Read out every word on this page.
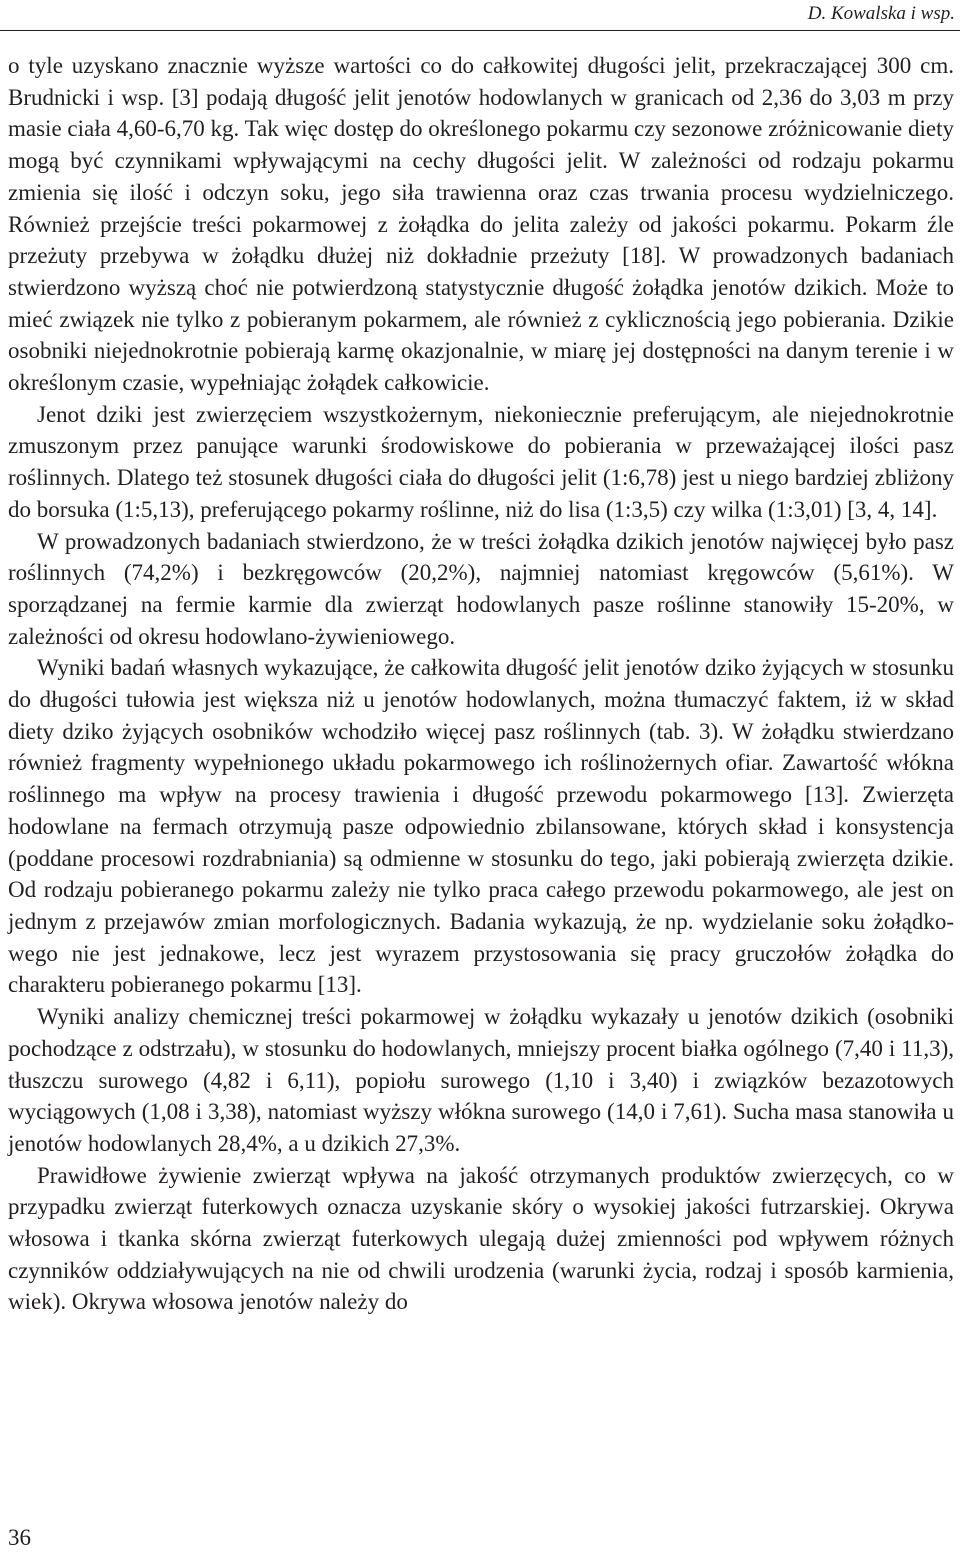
D. Kowalska i wsp.

o tyle uzyskano znacznie wyższe wartości co do całkowitej długości jelit, przekraczającej 300 cm. Brudnicki i wsp. [3] podają długość jelit jenotów hodowlanych w granicach od 2,36 do 3,03 m przy masie ciała 4,60-6,70 kg. Tak więc dostęp do określonego pokarmu czy sezonowe zróżnicowanie diety mogą być czynnikami wpływającymi na cechy długości jelit. W zależności od rodzaju pokarmu zmienia się ilość i odczyn soku, jego siła trawienna oraz czas trwania procesu wydzielniczego. Również przejście treści pokarmowej z żołądka do jelita zależy od jakości pokarmu. Pokarm źle przeżuty przebywa w żołądku dłużej niż dokładnie przeżuty [18]. W prowadzonych badaniach stwierdzono wyższą choć nie potwierdzoną statystycznie długość żołądka jenotów dzikich. Może to mieć związek nie tylko z pobieranym pokarmem, ale również z cyklicznością jego pobierania. Dzikie osobniki niejednokrotnie pobierają karmę okazjonalnie, w miarę jej dostępności na danym terenie i w określonym czasie, wypełniając żołądek całkowicie.

Jenot dziki jest zwierzęciem wszystkożernym, niekoniecznie preferującym, ale niejednokrotnie zmuszonym przez panujące warunki środowiskowe do pobierania w przeważającej ilości pasz roślinnych. Dlatego też stosunek długości ciała do długości jelit (1:6,78) jest u niego bardziej zbliżony do borsuka (1:5,13), preferującego pokarmy roślinne, niż do lisa (1:3,5) czy wilka (1:3,01) [3, 4, 14].

W prowadzonych badaniach stwierdzono, że w treści żołądka dzikich jenotów najwięcej było pasz roślinnych (74,2%) i bezkręgowców (20,2%), najmniej natomiast kręgowców (5,61%). W sporządzanej na fermie karmie dla zwierząt hodowlanych pasze roślinne stanowiły 15-20%, w zależności od okresu hodowlano-żywieniowego.

Wyniki badań własnych wykazujące, że całkowita długość jelit jenotów dziko żyjących w stosunku do długości tułowia jest większa niż u jenotów hodowlanych, można tłumaczyć faktem, iż w skład diety dziko żyjących osobników wchodziło więcej pasz roślinnych (tab. 3). W żołądku stwierdzano również fragmenty wypełnionego układu pokarmowego ich roślinożernych ofiar. Zawartość włókna roślinnego ma wpływ na procesy trawienia i długość przewodu pokarmowego [13]. Zwierzęta hodowlane na fermach otrzymują pasze odpowiednio zbilansowane, których skład i konsystencja (poddane procesowi rozdrabniania) są odmienne w stosunku do tego, jaki pobierają zwierzęta dzikie. Od rodzaju pobieranego pokarmu zależy nie tylko praca całego przewodu pokarmowego, ale jest on jednym z przejawów zmian morfologicznych. Badania wykazują, że np. wydzielanie soku żołądkowego nie jest jednakowe, lecz jest wyrazem przystosowania się pracy gruczołów żołądka do charakteru pobieranego pokarmu [13].

Wyniki analizy chemicznej treści pokarmowej w żołądku wykazały u jenotów dzikich (osobniki pochodzące z odstrzału), w stosunku do hodowlanych, mniejszy procent białka ogólnego (7,40 i 11,3), tłuszczu surowego (4,82 i 6,11), popiołu surowego (1,10 i 3,40) i związków bezazotowych wyciągowych (1,08 i 3,38), natomiast wyższy włókna surowego (14,0 i 7,61). Sucha masa stanowiła u jenotów hodowlanych 28,4%, a u dzikich 27,3%.

Prawidłowe żywienie zwierząt wpływa na jakość otrzymanych produktów zwierzęcych, co w przypadku zwierząt futerkowych oznacza uzyskanie skóry o wysokiej jakości futrzarskiej. Okrywa włosowa i tkanka skórna zwierząt futerkowych ulegają dużej zmienności pod wpływem różnych czynników oddziaływujących na nie od chwili urodzenia (warunki życia, rodzaj i sposób karmienia, wiek). Okrywa włosowa jenotów należy do

36
